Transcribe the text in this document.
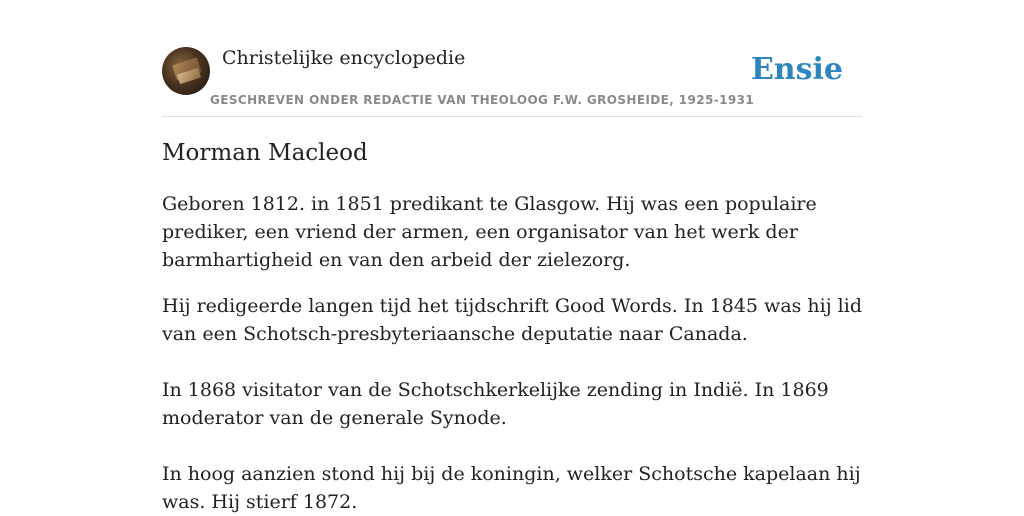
Christelijke encyclopedie
GESCHREVEN ONDER REDACTIE VAN THEOLOOG F.W. GROSHEIDE, 1925-1931
Ensie
Morman Macleod

Geboren 1812. in 1851 predikant te Glasgow. Hij was een populaire prediker, een vriend der armen, een organisator van het werk der barmhartigheid en van den arbeid der zielezorg.

Hij redigeerde langen tijd het tijdschrift Good Words. In 1845 was hij lid van een Schotsch-presbyteriaansche deputatie naar Canada.

In 1868 visitator van de Schotschkerkelijke zending in Indië. In 1869 moderator van de generale Synode.

In hoog aanzien stond hij bij de koningin, welker Schotsche kapelaan hij was. Hij stierf 1872.
